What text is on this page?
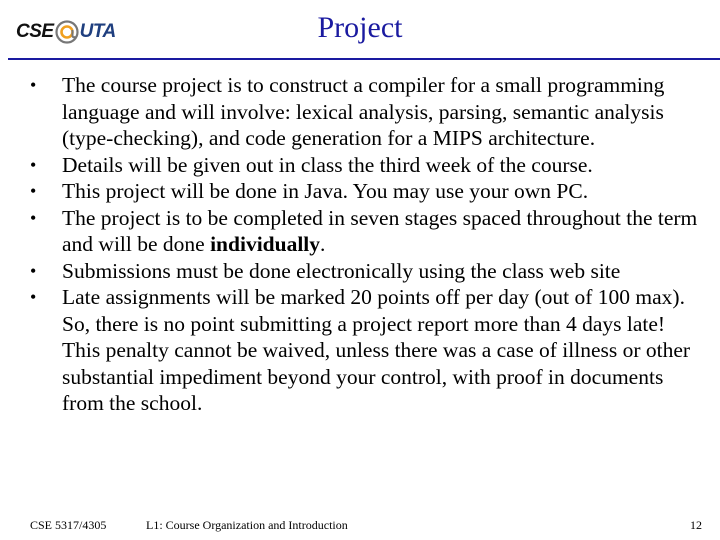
CSE UTA	Project
• The course project is to construct a compiler for a small programming language and will involve: lexical analysis, parsing, semantic analysis (type-checking), and code generation for a MIPS architecture.
• Details will be given out in class the third week of the course.
• This project will be done in Java. You may use your own PC.
• The project is to be completed in seven stages spaced throughout the term and will be done individually.
• Submissions must be done electronically using the class web site
• Late assignments will be marked 20 points off per day (out of 100 max). So, there is no point submitting a project report more than 4 days late! This penalty cannot be waived, unless there was a case of illness or other substantial impediment beyond your control, with proof in documents from the school.
CSE 5317/4305	L1: Course Organization and Introduction	12
